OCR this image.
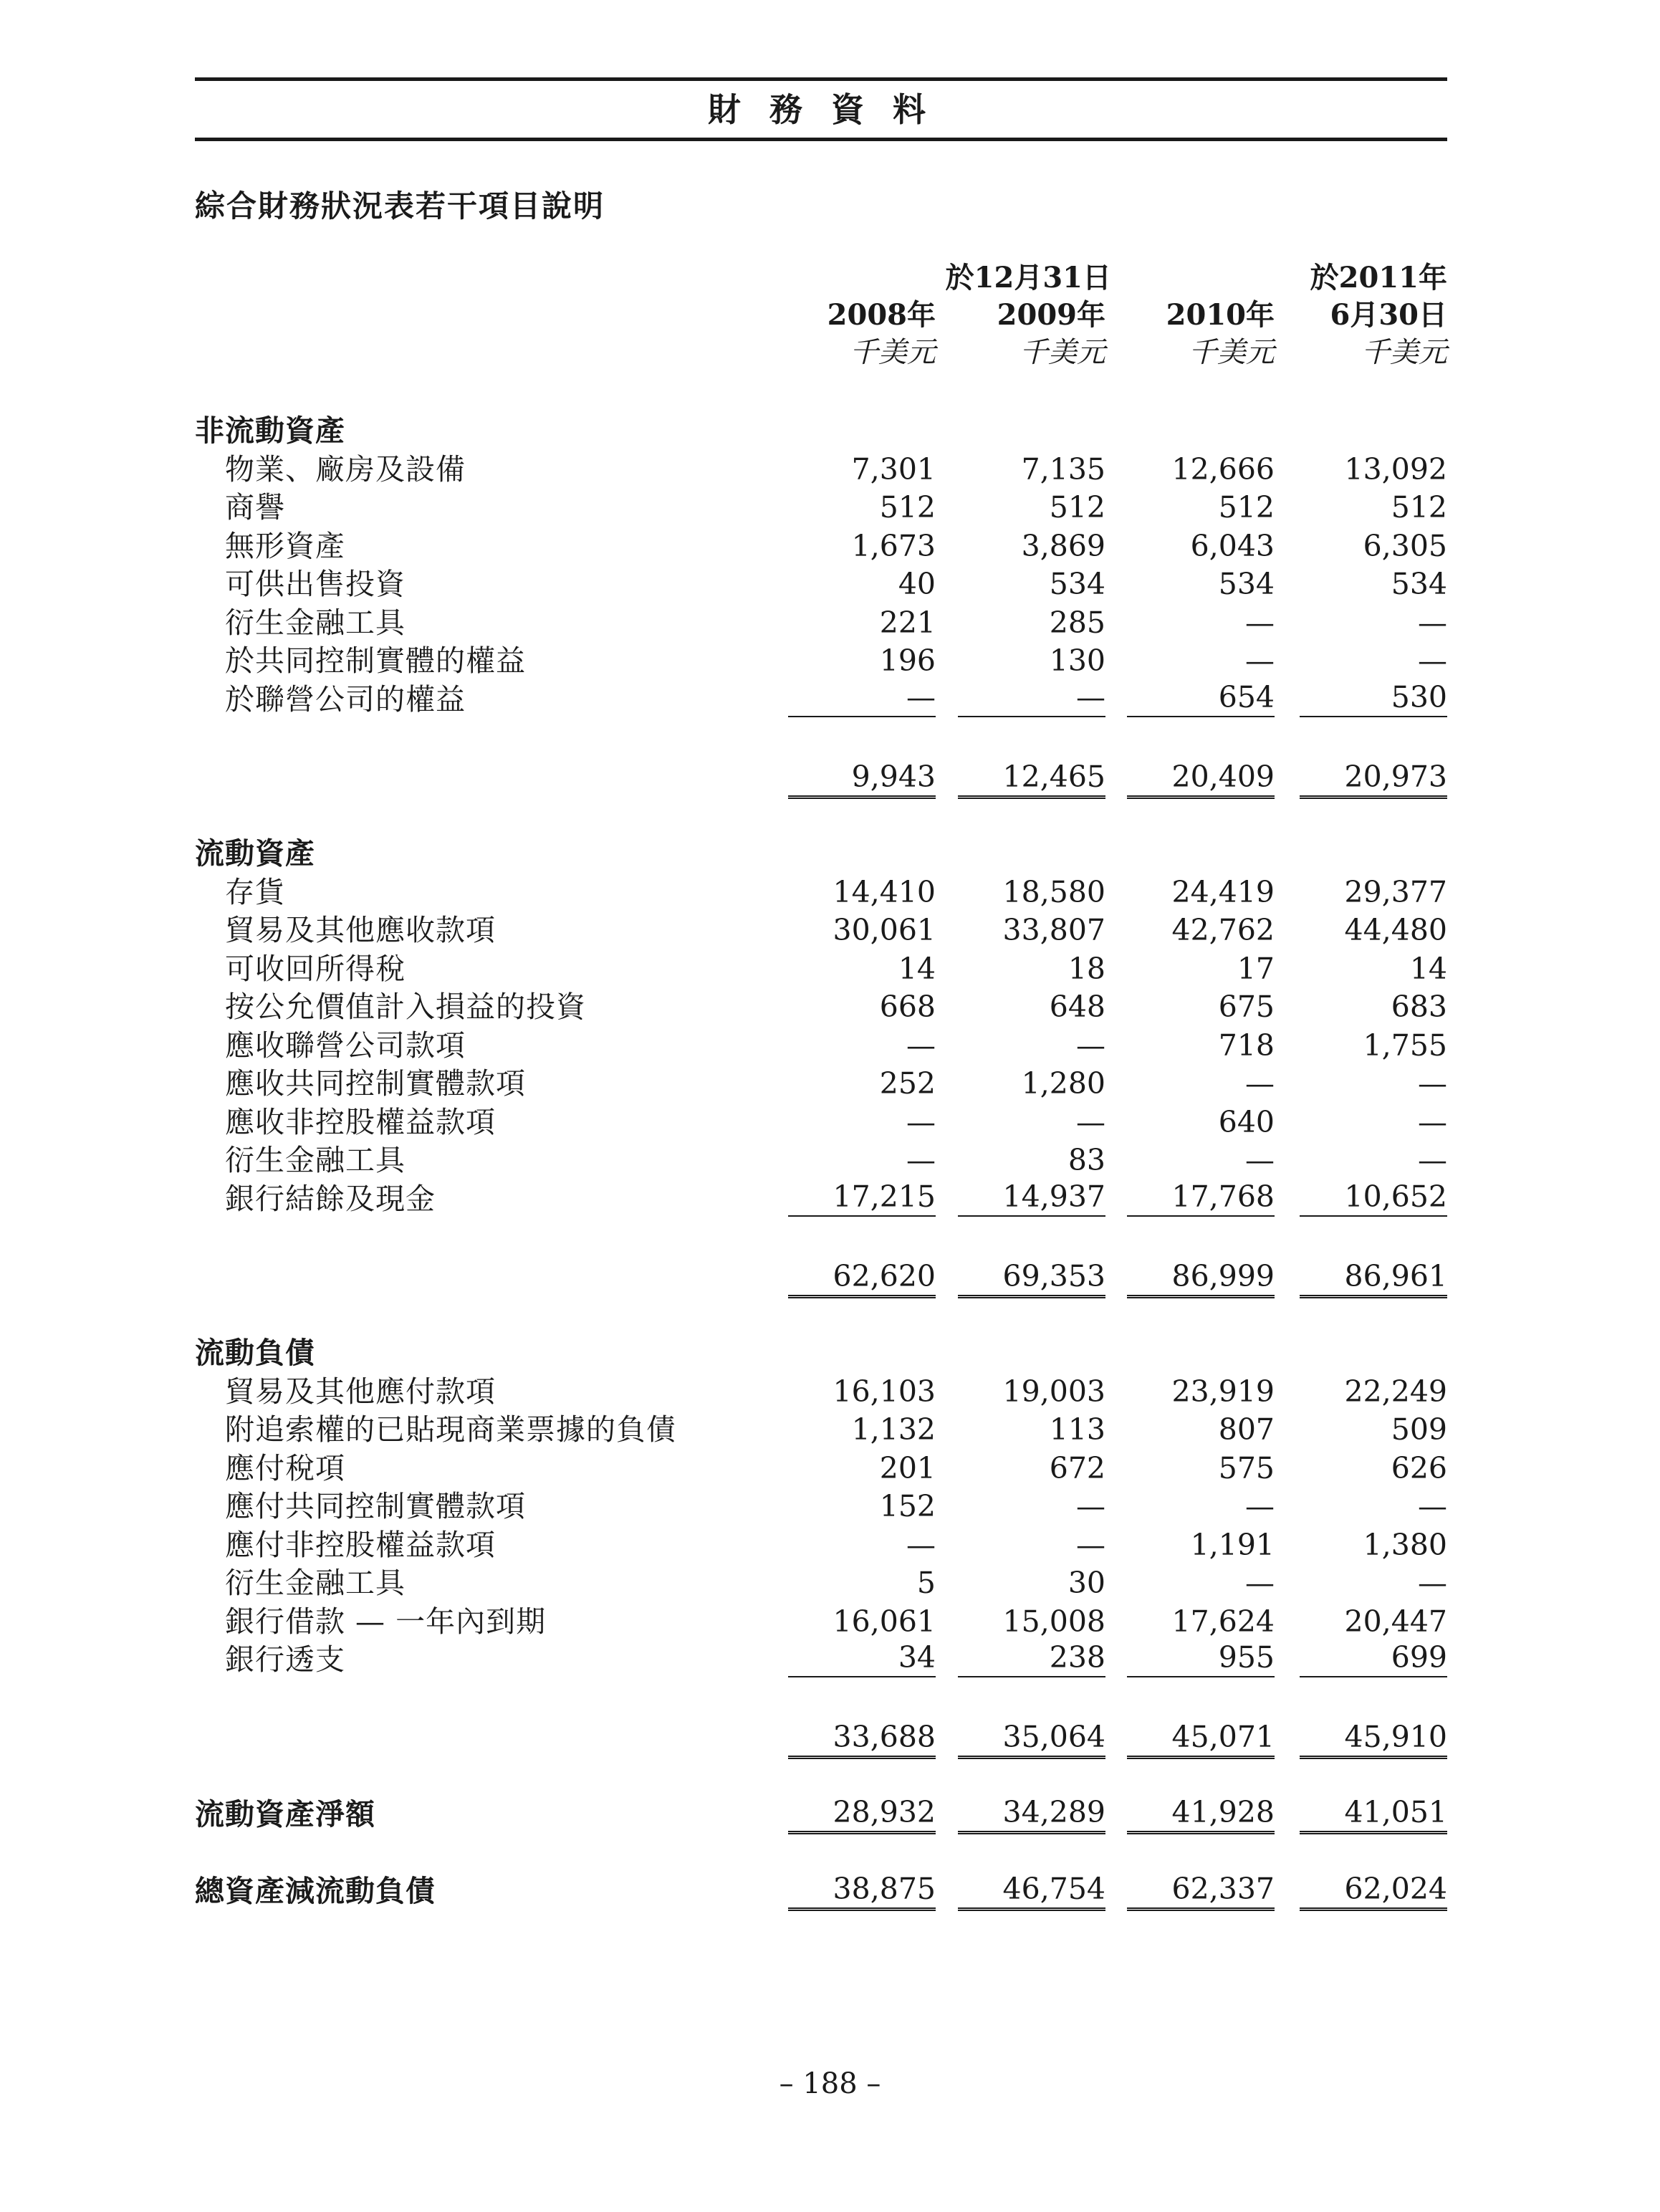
財 務 資 料
綜合財務狀況表若干項目說明
於12月31日	於2011年
2008年 2009年 2010年 6月30日
千美元	千美元	千美元	千美元
非流動資產
物業、廠房及設備	7,301	7,135	12,666	13,092
商譽	512	512	512	512
無形資產	1,673	3,869	6,043	6,305
可供出售投資	40	534	534	534
衍生金融工具	221	285	—	—
於共同控制實體的權益	196	130	—	—
於聯營公司的權益	—	—	654	530
9,943	12,465	20,409	20,973
流動資產
存貨	14,410	18,580	24,419	29,377
貿易及其他應收款項	30,061	33,807	42,762	44,480
可收回所得稅	14	18	17	14
按公允價值計入損益的投資	668	648	675	683
應收聯營公司款項	—	—	718	1,755
應收共同控制實體款項	252	1,280	—	—
應收非控股權益款項	—	—	640	—
衍生金融工具	—	83	—	—
銀行結餘及現金	17,215	14,937	17,768	10,652
62,620	69,353	86,999	86,961
流動負債
貿易及其他應付款項	16,103	19,003	23,919	22,249
附追索權的已貼現商業票據的負債	1,132	113	807	509
應付稅項	201	672	575	626
應付共同控制實體款項	152	—	—	—
應付非控股權益款項	—	—	1,191	1,380
衍生金融工具	5	30	—	—
銀行借款 — 一年內到期	16,061	15,008	17,624	20,447
銀行透支	34	238	955	699
33,688	35,064	45,071	45,910
流動資產淨額	28,932	34,289	41,928	41,051
總資產減流動負債	38,875	46,754	62,337	62,024
– 188 –
